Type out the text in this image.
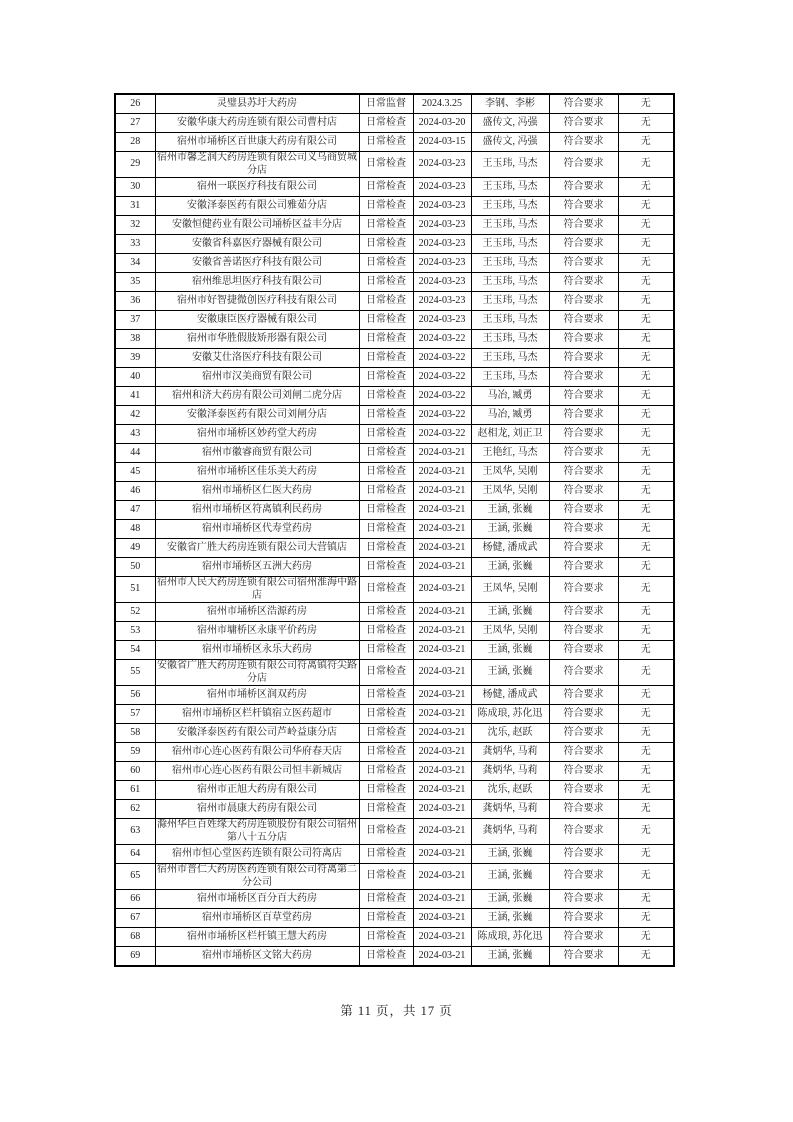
26	灵璧县苏圩大药房	日常监督	2024.3.25	李钢、李彬	符合要求	无
27	安徽华康大药房连锁有限公司曹村店	日常检查	2024-03-20	盛传文, 冯强	符合要求	无
28	宿州市埇桥区百世康大药房有限公司	日常检查	2024-03-15	盛传文, 冯强	符合要求	无
29	宿州市馨芝润大药房连锁有限公司义乌商贸城分店	日常检查	2024-03-23	王玉玮, 马杰	符合要求	无
30	宿州一联医疗科技有限公司	日常检查	2024-03-23	王玉玮, 马杰	符合要求	无
31	安徽泽泰医药有限公司雅茹分店	日常检查	2024-03-23	王玉玮, 马杰	符合要求	无
32	安徽恒健药业有限公司埇桥区益丰分店	日常检查	2024-03-23	王玉玮, 马杰	符合要求	无
33	安徽省科嘉医疗器械有限公司	日常检查	2024-03-23	王玉玮, 马杰	符合要求	无
34	安徽省善诺医疗科技有限公司	日常检查	2024-03-23	王玉玮, 马杰	符合要求	无
35	宿州维思坦医疗科技有限公司	日常检查	2024-03-23	王玉玮, 马杰	符合要求	无
36	宿州市好智捷微创医疗科技有限公司	日常检查	2024-03-23	王玉玮, 马杰	符合要求	无
37	安徽康臣医疗器械有限公司	日常检查	2024-03-23	王玉玮, 马杰	符合要求	无
38	宿州市华胜假肢矫形器有限公司	日常检查	2024-03-22	王玉玮, 马杰	符合要求	无
39	安徽艾仕洛医疗科技有限公司	日常检查	2024-03-22	王玉玮, 马杰	符合要求	无
40	宿州市汉美商贸有限公司	日常检查	2024-03-22	王玉玮, 马杰	符合要求	无
41	宿州和济大药房有限公司刘闸二虎分店	日常检查	2024-03-22	马冶, 臧勇	符合要求	无
42	安徽泽泰医药有限公司刘闸分店	日常检查	2024-03-22	马冶, 臧勇	符合要求	无
43	宿州市埇桥区妙药堂大药房	日常检查	2024-03-22	赵相龙, 刘正卫	符合要求	无
44	宿州市徽睿商贸有限公司	日常检查	2024-03-21	王艳红, 马杰	符合要求	无
45	宿州市埇桥区佳乐美大药房	日常检查	2024-03-21	王凤华, 吴刚	符合要求	无
46	宿州市埇桥区仁医大药房	日常检查	2024-03-21	王凤华, 吴刚	符合要求	无
47	宿州市埇桥区符离镇利民药房	日常检查	2024-03-21	王涵, 张巍	符合要求	无
48	宿州市埇桥区代寿堂药房	日常检查	2024-03-21	王涵, 张巍	符合要求	无
49	安徽省广胜大药房连锁有限公司大营镇店	日常检查	2024-03-21	杨健, 潘成武	符合要求	无
50	宿州市埇桥区五洲大药房	日常检查	2024-03-21	王涵, 张巍	符合要求	无
51	宿州市人民大药房连锁有限公司宿州淮海中路店	日常检查	2024-03-21	王凤华, 吴刚	符合要求	无
52	宿州市埇桥区浩源药房	日常检查	2024-03-21	王涵, 张巍	符合要求	无
53	宿州市墉桥区永康平价药房	日常检查	2024-03-21	王凤华, 吴刚	符合要求	无
54	宿州市埇桥区永乐大药房	日常检查	2024-03-21	王涵, 张巍	符合要求	无
55	安徽省广胜大药房连锁有限公司符离镇符尖路分店	日常检查	2024-03-21	王涵, 张巍	符合要求	无
56	宿州市埇桥区润双药房	日常检查	2024-03-21	杨健, 潘成武	符合要求	无
57	宿州市埇桥区栏杆镇宿立医药超市	日常检查	2024-03-21	陈成琅, 苏化迅	符合要求	无
58	安徽泽泰医药有限公司芦岭益康分店	日常检查	2024-03-21	沈乐, 赵跃	符合要求	无
59	宿州市心连心医药有限公司华府春天店	日常检查	2024-03-21	龚炳华, 马莉	符合要求	无
60	宿州市心连心医药有限公司恒丰新城店	日常检查	2024-03-21	龚炳华, 马莉	符合要求	无
61	宿州市正旭大药房有限公司	日常检查	2024-03-21	沈乐, 赵跃	符合要求	无
62	宿州市晨康大药房有限公司	日常检查	2024-03-21	龚炳华, 马莉	符合要求	无
63	滁州华巨百姓缘大药房连锁股份有限公司宿州第八十五分店	日常检查	2024-03-21	龚炳华, 马莉	符合要求	无
64	宿州市恒心堂医药连锁有限公司符离店	日常检查	2024-03-21	王涵, 张巍	符合要求	无
65	宿州市普仁大药房医药连锁有限公司符离第二分公司	日常检查	2024-03-21	王涵, 张巍	符合要求	无
66	宿州市埇桥区百分百大药房	日常检查	2024-03-21	王涵, 张巍	符合要求	无
67	宿州市埇桥区百草堂药房	日常检查	2024-03-21	王涵, 张巍	符合要求	无
68	宿州市埇桥区栏杆镇王慧大药房	日常检查	2024-03-21	陈成琅, 苏化迅	符合要求	无
69	宿州市埇桥区文铭大药房	日常检查	2024-03-21	王涵, 张巍	符合要求	无
第 11 页，共 17 页
